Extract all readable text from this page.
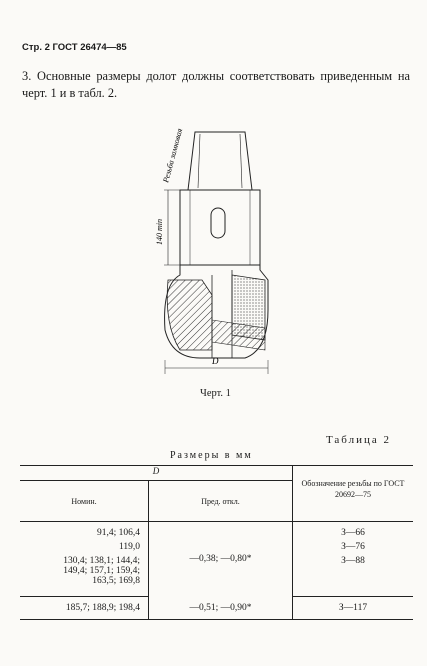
Стр. 2 ГОСТ 26474—85
3. Основные размеры долот должны соответствовать приведенным на черт. 1 и в табл. 2.
Резьба замковая
140 min
D
Черт. 1
Таблица 2
Размеры в мм
D		Обозначение резьбы по ГОСТ 20692—75
Номин.	Пред. откл.	
91,4; 106,4	—0,38; —0,80*	З—66
119,0		З—76

130,4; 138,1; 144,4;
149,4; 157,1; 159,4;
163,5; 169,8		З—88
185,7; 188,9; 198,4	—0,51; —0,90*	З—117
